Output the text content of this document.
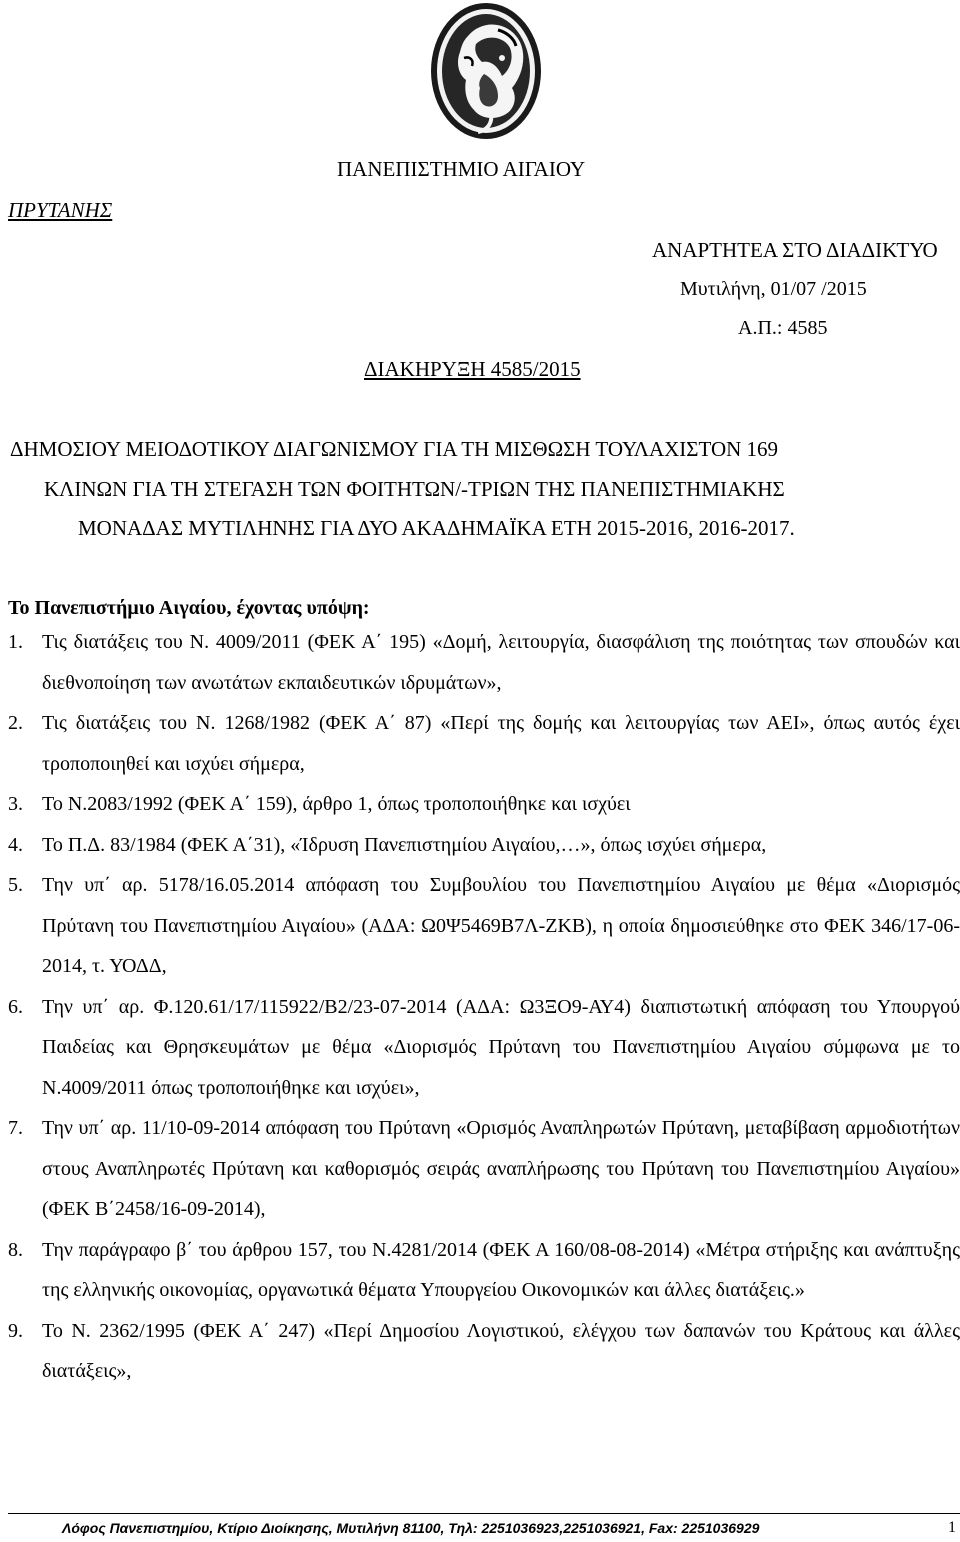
ΠΑΝΕΠΙΣΤΗΜΙΟ ΑΙΓΑΙΟΥ
ΠΡΥΤΑΝΗΣ
ΑΝΑΡΤΗΤΕΑ ΣΤΟ ΔΙΑΔΙΚΤΥΟ
Μυτιλήνη, 01/07 /2015
Α.Π.: 4585
ΔΙΑΚΗΡΥΞΗ 4585/2015
ΔΗΜΟΣΙΟΥ ΜΕΙΟΔΟΤΙΚΟΥ ΔΙΑΓΩΝΙΣΜΟΥ ΓΙΑ ΤΗ ΜΙΣΘΩΣΗ ΤΟΥΛΑΧΙΣΤΟΝ 169
ΚΛΙΝΩΝ ΓΙΑ ΤΗ ΣΤΕΓΑΣΗ ΤΩΝ ΦΟΙΤΗΤΩΝ/-ΤΡΙΩΝ ΤΗΣ ΠΑΝΕΠΙΣΤΗΜΙΑΚΗΣ
ΜΟΝΑΔΑΣ ΜΥΤΙΛΗΝΗΣ ΓΙΑ ΔΥΟ ΑΚΑΔΗΜΑΪΚΑ ΕΤΗ 2015-2016, 2016-2017.
Το Πανεπιστήμιο Αιγαίου, έχοντας υπόψη:
1. Τις διατάξεις του Ν. 4009/2011 (ΦΕΚ Α΄ 195) «Δομή, λειτουργία, διασφάλιση της ποιότητας των σπουδών και διεθνοποίηση των ανωτάτων εκπαιδευτικών ιδρυμάτων»,
2. Τις διατάξεις του Ν. 1268/1982 (ΦΕΚ Α΄ 87) «Περί της δομής και λειτουργίας των ΑΕΙ», όπως αυτός έχει τροποποιηθεί και ισχύει σήμερα,
3. Το Ν.2083/1992 (ΦΕΚ Α΄ 159), άρθρο 1, όπως τροποποιήθηκε και ισχύει
4. Το Π.Δ. 83/1984 (ΦΕΚ Α΄31), «Ίδρυση Πανεπιστημίου Αιγαίου,…», όπως ισχύει σήμερα,
5. Την υπ΄ αρ. 5178/16.05.2014 απόφαση του Συμβουλίου του Πανεπιστημίου Αιγαίου με θέμα «Διορισμός Πρύτανη του Πανεπιστημίου Αιγαίου» (ΑΔΑ: Ω0Ψ5469Β7Λ-ΖΚΒ), η οποία δημοσιεύθηκε στο ΦΕΚ 346/17-06-2014, τ. ΥΟΔΔ,
6. Την υπ΄ αρ. Φ.120.61/17/115922/Β2/23-07-2014 (ΑΔΑ: Ω3ΞΟ9-ΑΥ4) διαπιστωτική απόφαση του Υπουργού Παιδείας και Θρησκευμάτων με θέμα «Διορισμός Πρύτανη του Πανεπιστημίου Αιγαίου σύμφωνα με το Ν.4009/2011 όπως τροποποιήθηκε και ισχύει»,
7. Την υπ΄ αρ. 11/10-09-2014 απόφαση του Πρύτανη «Ορισμός Αναπληρωτών Πρύτανη, μεταβίβαση αρμοδιοτήτων στους Αναπληρωτές Πρύτανη και καθορισμός σειράς αναπλήρωσης του Πρύτανη του Πανεπιστημίου Αιγαίου» (ΦΕΚ Β΄2458/16-09-2014),
8. Την παράγραφο β΄ του άρθρου 157, του Ν.4281/2014 (ΦΕΚ Α 160/08-08-2014) «Μέτρα στήριξης και ανάπτυξης της ελληνικής οικονομίας, οργανωτικά θέματα Υπουργείου Οικονομικών και άλλες διατάξεις.»
9. Το Ν. 2362/1995 (ΦΕΚ Α΄ 247) «Περί Δημοσίου Λογιστικού, ελέγχου των δαπανών του Κράτους και άλλες διατάξεις»,
Λόφος Πανεπιστημίου, Κτίριο Διοίκησης, Μυτιλήνη 81100, Τηλ: 2251036923,2251036921, Fax: 2251036929	1
